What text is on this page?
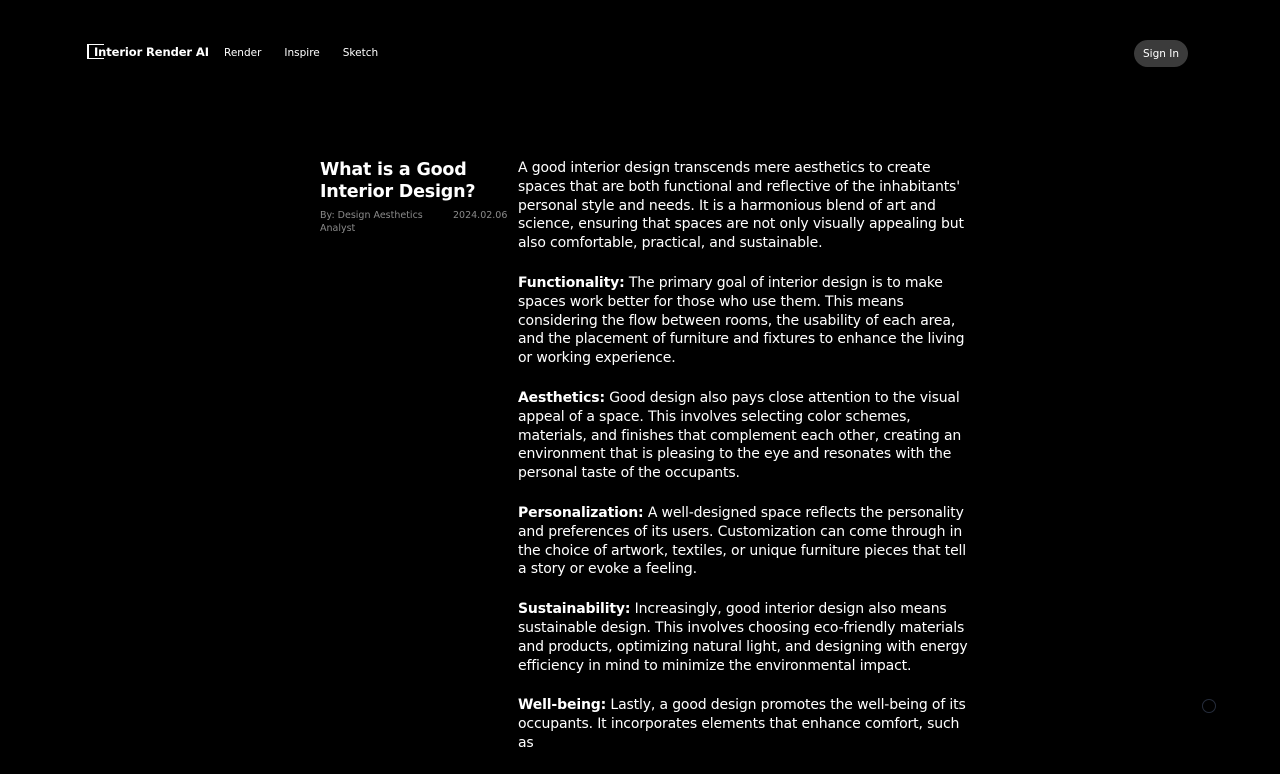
Interior Render AI Render Inspire Sketch	Sign In
What is a Good Interior Design?
By: Design Aesthetics Analyst
2024.02.06

A good interior design transcends mere aesthetics to create spaces that are both functional and reflective of the inhabitants' personal style and needs. It is a harmonious blend of art and science, ensuring that spaces are not only visually appealing but also comfortable, practical, and sustainable.

Functionality: The primary goal of interior design is to make spaces work better for those who use them. This means considering the flow between rooms, the usability of each area, and the placement of furniture and fixtures to enhance the living or working experience.

Aesthetics: Good design also pays close attention to the visual appeal of a space. This involves selecting color schemes, materials, and finishes that complement each other, creating an environment that is pleasing to the eye and resonates with the personal taste of the occupants.

Personalization: A well-designed space reflects the personality and preferences of its users. Customization can come through in the choice of artwork, textiles, or unique furniture pieces that tell a story or evoke a feeling.

Sustainability: Increasingly, good interior design also means sustainable design. This involves choosing eco-friendly materials and products, optimizing natural light, and designing with energy efficiency in mind to minimize the environmental impact.

Well-being: Lastly, a good design promotes the well-being of its occupants. It incorporates elements that enhance comfort, such as
